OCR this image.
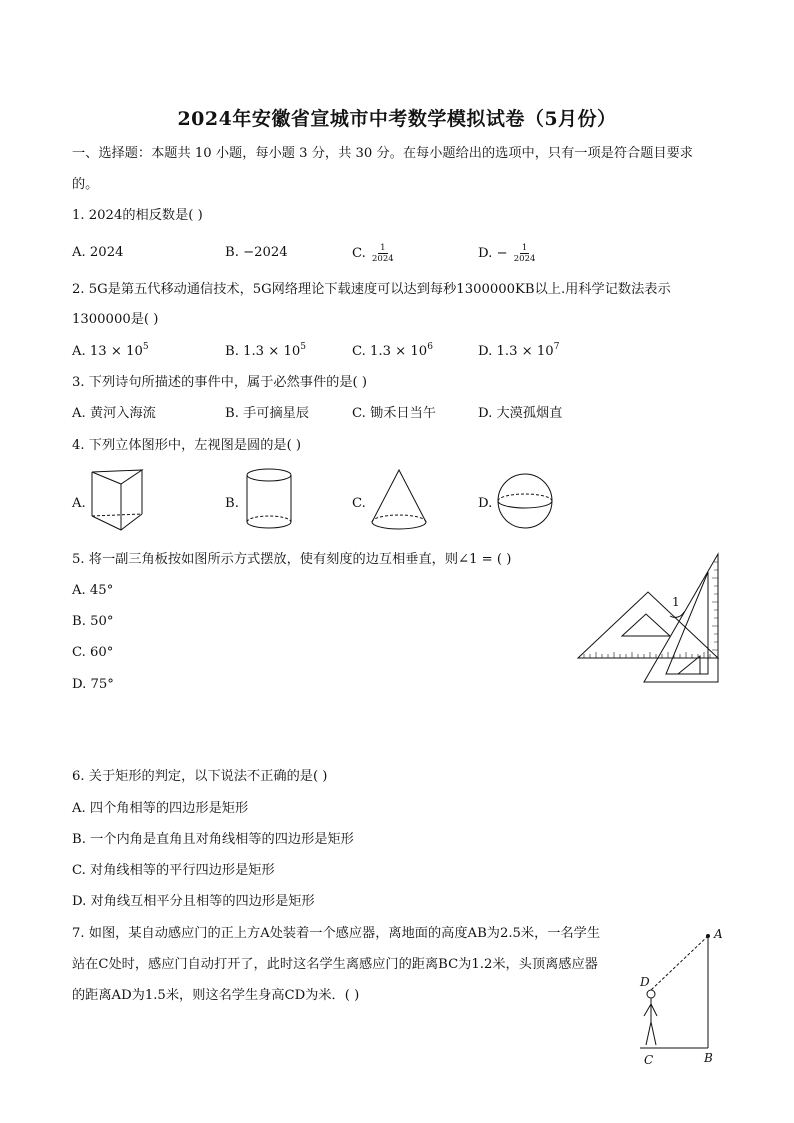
2024年安徽省宣城市中考数学模拟试卷（5月份）
一、选择题：本题共 10 小题，每小题 3 分，共 30 分。在每小题给出的选项中，只有一项是符合题目要求
的。
1. 2024的相反数是( )
A. 2024	B. −2024	C. $\frac{1}{2024}$	D. − $\frac{1}{2024}$
2. 5G是第五代移动通信技术，5G网络理论下载速度可以达到每秒1300000KB以上.用科学记数法表示
1300000是( )
A. $13 \times 10^5$	B. $1.3 \times 10^5$	C. $1.3 \times 10^6$	D. $1.3 \times 10^7$
3. 下列诗句所描述的事件中，属于必然事件的是( )
A. 黄河入海流	B. 手可摘星辰	C. 锄禾日当午	D. 大漠孤烟直
4. 下列立体图形中，左视图是圆的是( )
A.	B.	C.	D.
5. 将一副三角板按如图所示方式摆放，使有刻度的边互相垂直，则∠1 = ( )
A. 45°
B. 50°
C. 60°
D. 75°
1
6. 关于矩形的判定，以下说法不正确的是( )
A. 四个角相等的四边形是矩形
B. 一个内角是直角且对角线相等的四边形是矩形
C. 对角线相等的平行四边形是矩形
D. 对角线互相平分且相等的四边形是矩形
7. 如图，某自动感应门的正上方A处装着一个感应器，离地面的高度AB为2.5米，一名学生
站在C处时，感应门自动打开了，此时这名学生离感应门的距离BC为1.2米，头顶离感应器
的距离AD为1.5米，则这名学生身高CD为米．( )
A
B
C
D
